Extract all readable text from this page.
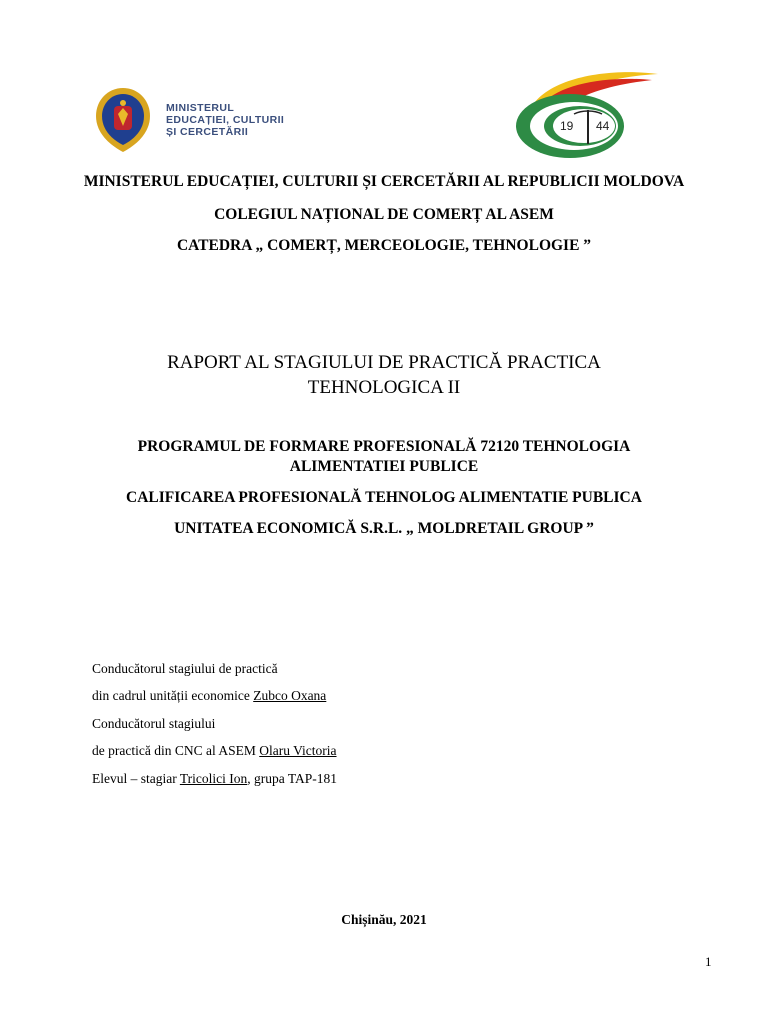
MINISTERUL
EDUCAȚIEI, CULTURII
ȘI CERCETĂRII	19 44
MINISTERUL EDUCAȚIEI, CULTURII ȘI CERCETĂRII AL REPUBLICII MOLDOVA
COLEGIUL NAȚIONAL DE COMERȚ AL ASEM
CATEDRA „ COMERȚ, MERCEOLOGIE, TEHNOLOGIE ”
RAPORT AL STAGIULUI DE PRACTICĂ PRACTICA TEHNOLOGICA II
PROGRAMUL DE FORMARE PROFESIONALĂ 72120 TEHNOLOGIA ALIMENTATIEI PUBLICE
CALIFICAREA PROFESIONALĂ TEHNOLOG ALIMENTATIE PUBLICA
UNITATEA ECONOMICĂ S.R.L. „ MOLDRETAIL GROUP ”
Conducătorul stagiului de practică
din cadrul unității economice Zubco Oxana
Conducătorul stagiului
de practică din CNC al ASEM Olaru Victoria
Elevul – stagiar Tricolici Ion, grupa TAP-181
Chișinău, 2021
1
